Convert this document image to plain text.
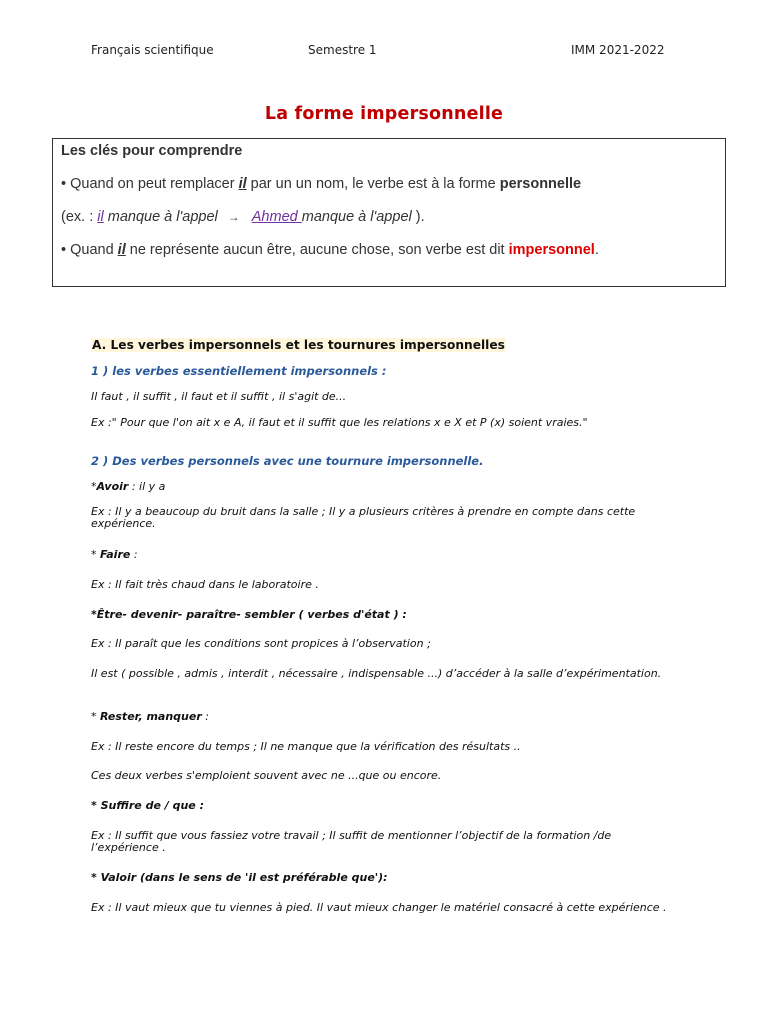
Français scientifique	Semestre 1	IMM 2021-2022
La forme impersonnelle
Les clés pour comprendre
• Quand on peut remplacer il par un un nom, le verbe est à la forme personnelle
(ex. : il manque à l'appel → Ahmed manque à l'appel ).
• Quand il ne représente aucun être, aucune chose, son verbe est dit impersonnel.
A. Les verbes impersonnels et les tournures impersonnelles
1 ) les verbes essentiellement impersonnels :
Il faut , il suffit , il faut et il suffit , il s'agit de...
Ex :" Pour que l'on ait x e A, il faut et il suffit que les relations x e X et P (x) soient vraies."
2 ) Des verbes personnels avec une tournure impersonnelle.
*Avoir : il y a
Ex : Il y a beaucoup du bruit dans la salle ; Il y a plusieurs critères à prendre en compte dans cette expérience.
* Faire :
Ex : Il fait très chaud dans le laboratoire .
*Être- devenir- paraître- sembler ( verbes d'état ) :
Ex : Il paraît que les conditions sont propices à l’observation ;
Il est ( possible , admis , interdit , nécessaire , indispensable ...) d’accéder à la salle d’expérimentation.
* Rester, manquer :
Ex : Il reste encore du temps ; Il ne manque que la vérification des résultats ..
Ces deux verbes s'emploient souvent avec ne ...que ou encore.
* Suffire de / que :
Ex : Il suffit que vous fassiez votre travail ; Il suffit de mentionner l’objectif de la formation /de l’expérience .
* Valoir (dans le sens de 'il est préférable que'):
Ex : Il vaut mieux que tu viennes à pied. Il vaut mieux changer le matériel consacré à cette expérience .
